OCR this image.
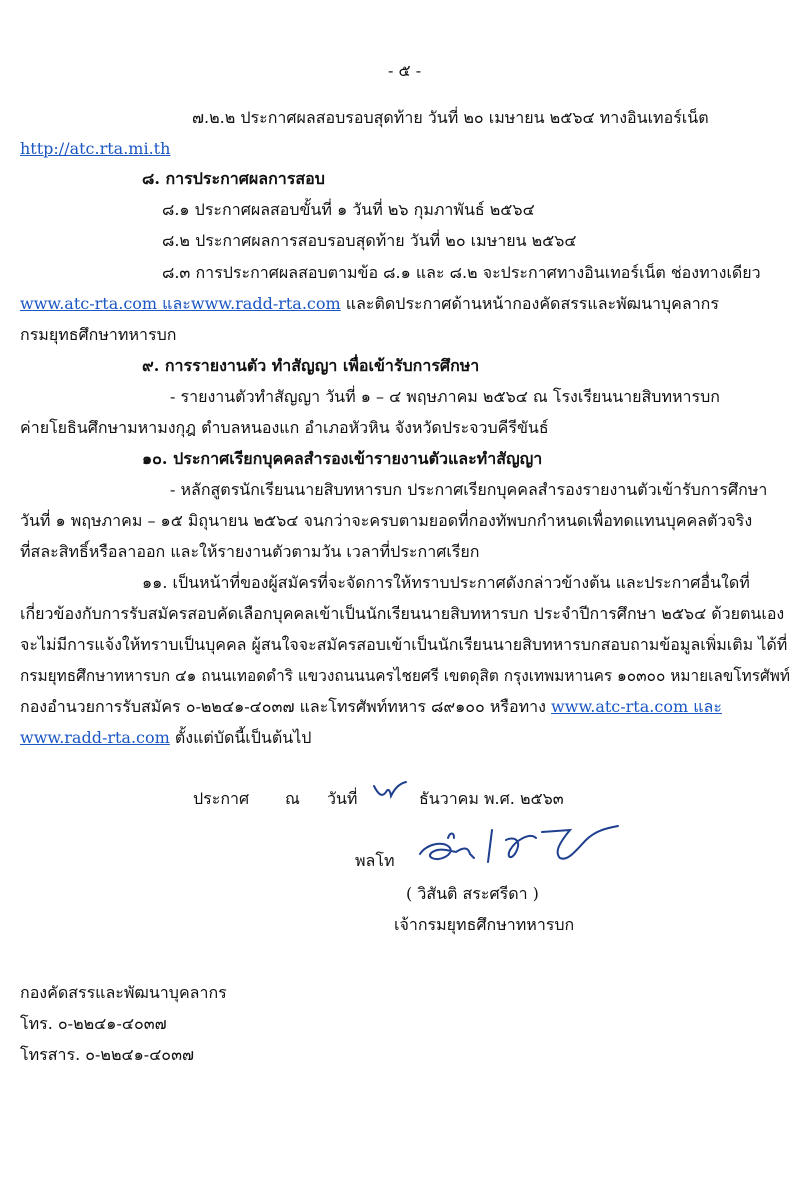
- ๕ -
๗.๒.๒ ประกาศผลสอบรอบสุดท้าย วันที่ ๒๐ เมษายน ๒๕๖๔ ทางอินเทอร์เน็ต
http://atc.rta.mi.th
๘. การประกาศผลการสอบ
๘.๑ ประกาศผลสอบขั้นที่ ๑ วันที่ ๒๖ กุมภาพันธ์ ๒๕๖๔
๘.๒ ประกาศผลการสอบรอบสุดท้าย วันที่ ๒๐ เมษายน ๒๕๖๔
๘.๓ การประกาศผลสอบตามข้อ ๘.๑ และ ๘.๒ จะประกาศทางอินเทอร์เน็ต ช่องทางเดียว
www.atc-rta.com และwww.radd-rta.com และติดประกาศด้านหน้ากองคัดสรรและพัฒนาบุคลากร
กรมยุทธศึกษาทหารบก
๙. การรายงานตัว ทำสัญญา เพื่อเข้ารับการศึกษา
- รายงานตัวทำสัญญา วันที่ ๑ – ๔ พฤษภาคม ๒๕๖๔ ณ โรงเรียนนายสิบทหารบก
ค่ายโยธินศึกษามหามงกุฎ ตำบลหนองแก อำเภอหัวหิน จังหวัดประจวบคีรีขันธ์
๑๐. ประกาศเรียกบุคคลสำรองเข้ารายงานตัวและทำสัญญา
- หลักสูตรนักเรียนนายสิบทหารบก ประกาศเรียกบุคคลสำรองรายงานตัวเข้ารับการศึกษา
วันที่ ๑ พฤษภาคม – ๑๕ มิถุนายน ๒๕๖๔ จนกว่าจะครบตามยอดที่กองทัพบกกำหนดเพื่อทดแทนบุคคลตัวจริง
ที่สละสิทธิ์หรือลาออก และให้รายงานตัวตามวัน เวลาที่ประกาศเรียก
๑๑. เป็นหน้าที่ของผู้สมัครที่จะจัดการให้ทราบประกาศดังกล่าวข้างต้น และประกาศอื่นใดที่
เกี่ยวข้องกับการรับสมัครสอบคัดเลือกบุคคลเข้าเป็นนักเรียนนายสิบทหารบก ประจำปีการศึกษา ๒๕๖๔ ด้วยตนเอง
จะไม่มีการแจ้งให้ทราบเป็นบุคคล ผู้สนใจจะสมัครสอบเข้าเป็นนักเรียนนายสิบทหารบกสอบถามข้อมูลเพิ่มเติม ได้ที่
กรมยุทธศึกษาทหารบก ๔๑ ถนนเทอดดำริ แขวงถนนนครไชยศรี เขตดุสิต กรุงเทพมหานคร ๑๐๓๐๐ หมายเลขโทรศัพท์
กองอำนวยการรับสมัคร ๐-๒๒๔๑-๔๐๓๗ และโทรศัพท์ทหาร ๘๙๑๐๐ หรือทาง www.atc-rta.com และ
www.radd-rta.com ตั้งแต่บัดนี้เป็นต้นไป
ประกาศ ณ วันที่	ธันวาคม พ.ศ. ๒๕๖๓
พลโท
( วิสันติ สระศรีดา )
เจ้ากรมยุทธศึกษาทหารบก
กองคัดสรรและพัฒนาบุคลากร
โทร. ๐-๒๒๔๑-๔๐๓๗
โทรสาร. ๐-๒๒๔๑-๔๐๓๗
